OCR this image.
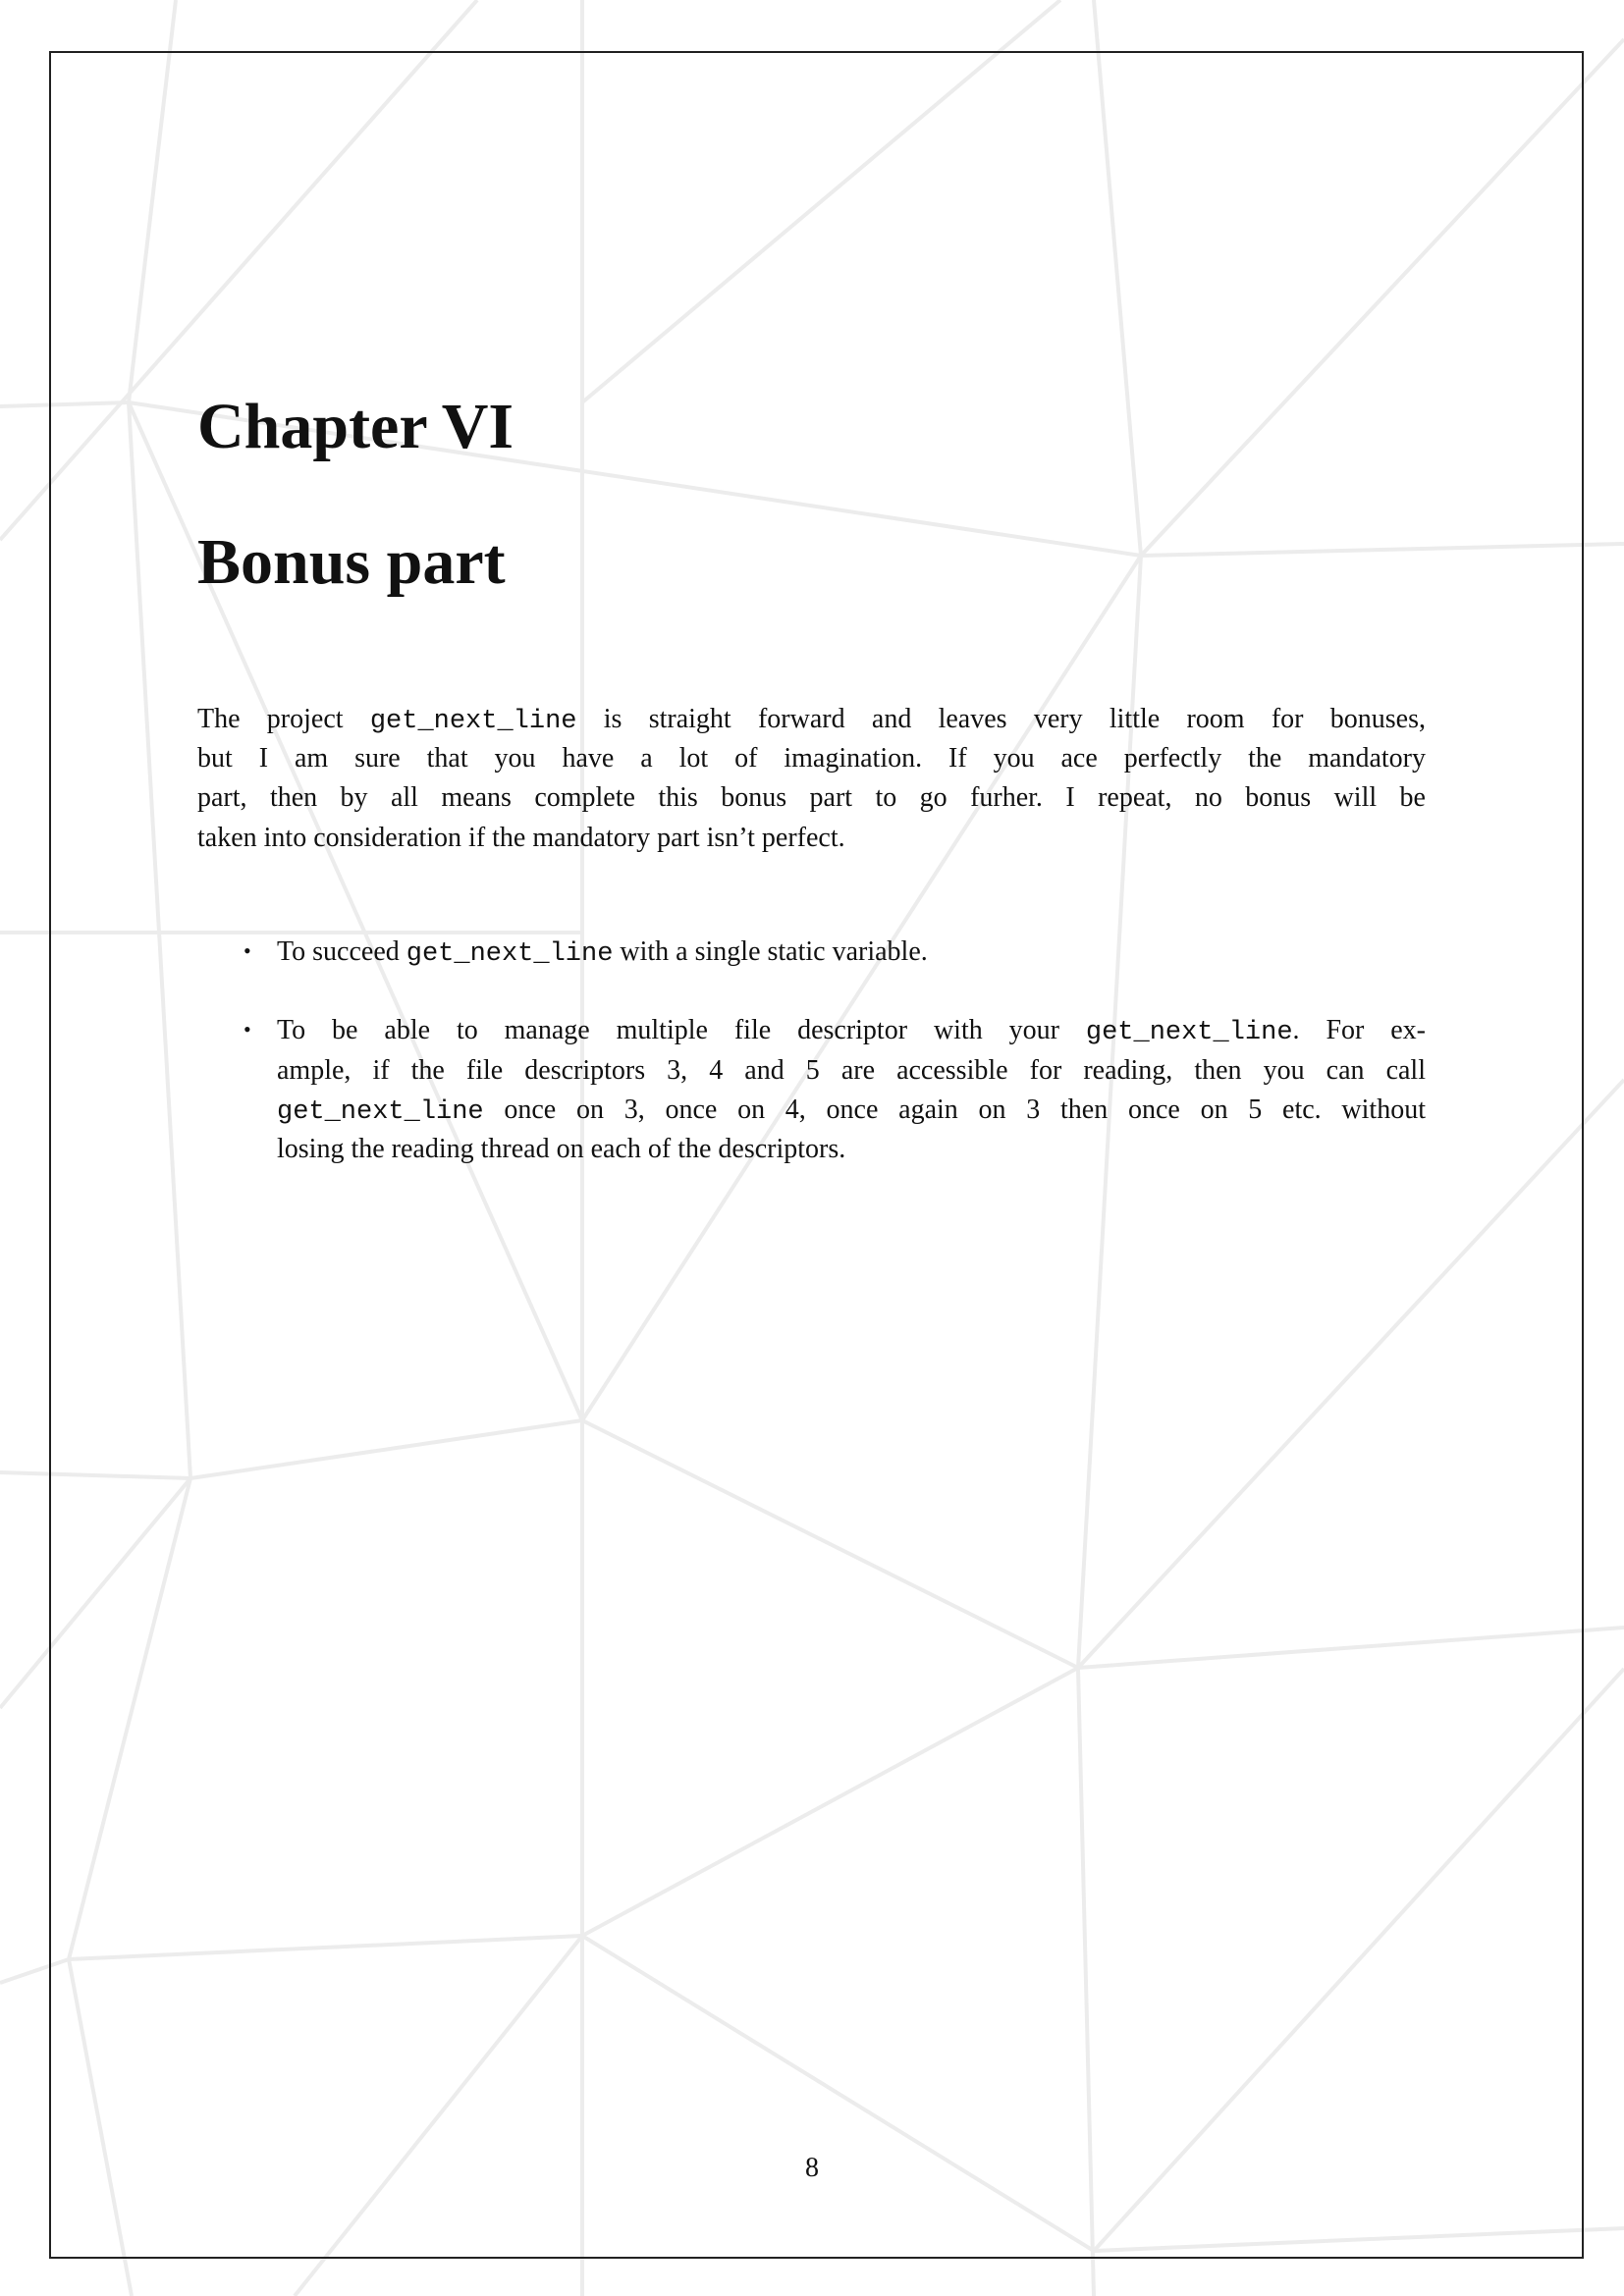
Chapter VI
Bonus part
The project get_next_line is straight forward and leaves very little room for bonuses,
but I am sure that you have a lot of imagination. If you ace perfectly the mandatory
part, then by all means complete this bonus part to go furher. I repeat, no bonus will be
taken into consideration if the mandatory part isn’t perfect.
• To succeed get_next_line with a single static variable.
• To be able to manage multiple file descriptor with your get_next_line. For ex-
ample, if the file descriptors 3, 4 and 5 are accessible for reading, then you can call
get_next_line once on 3, once on 4, once again on 3 then once on 5 etc. without
losing the reading thread on each of the descriptors.
8
